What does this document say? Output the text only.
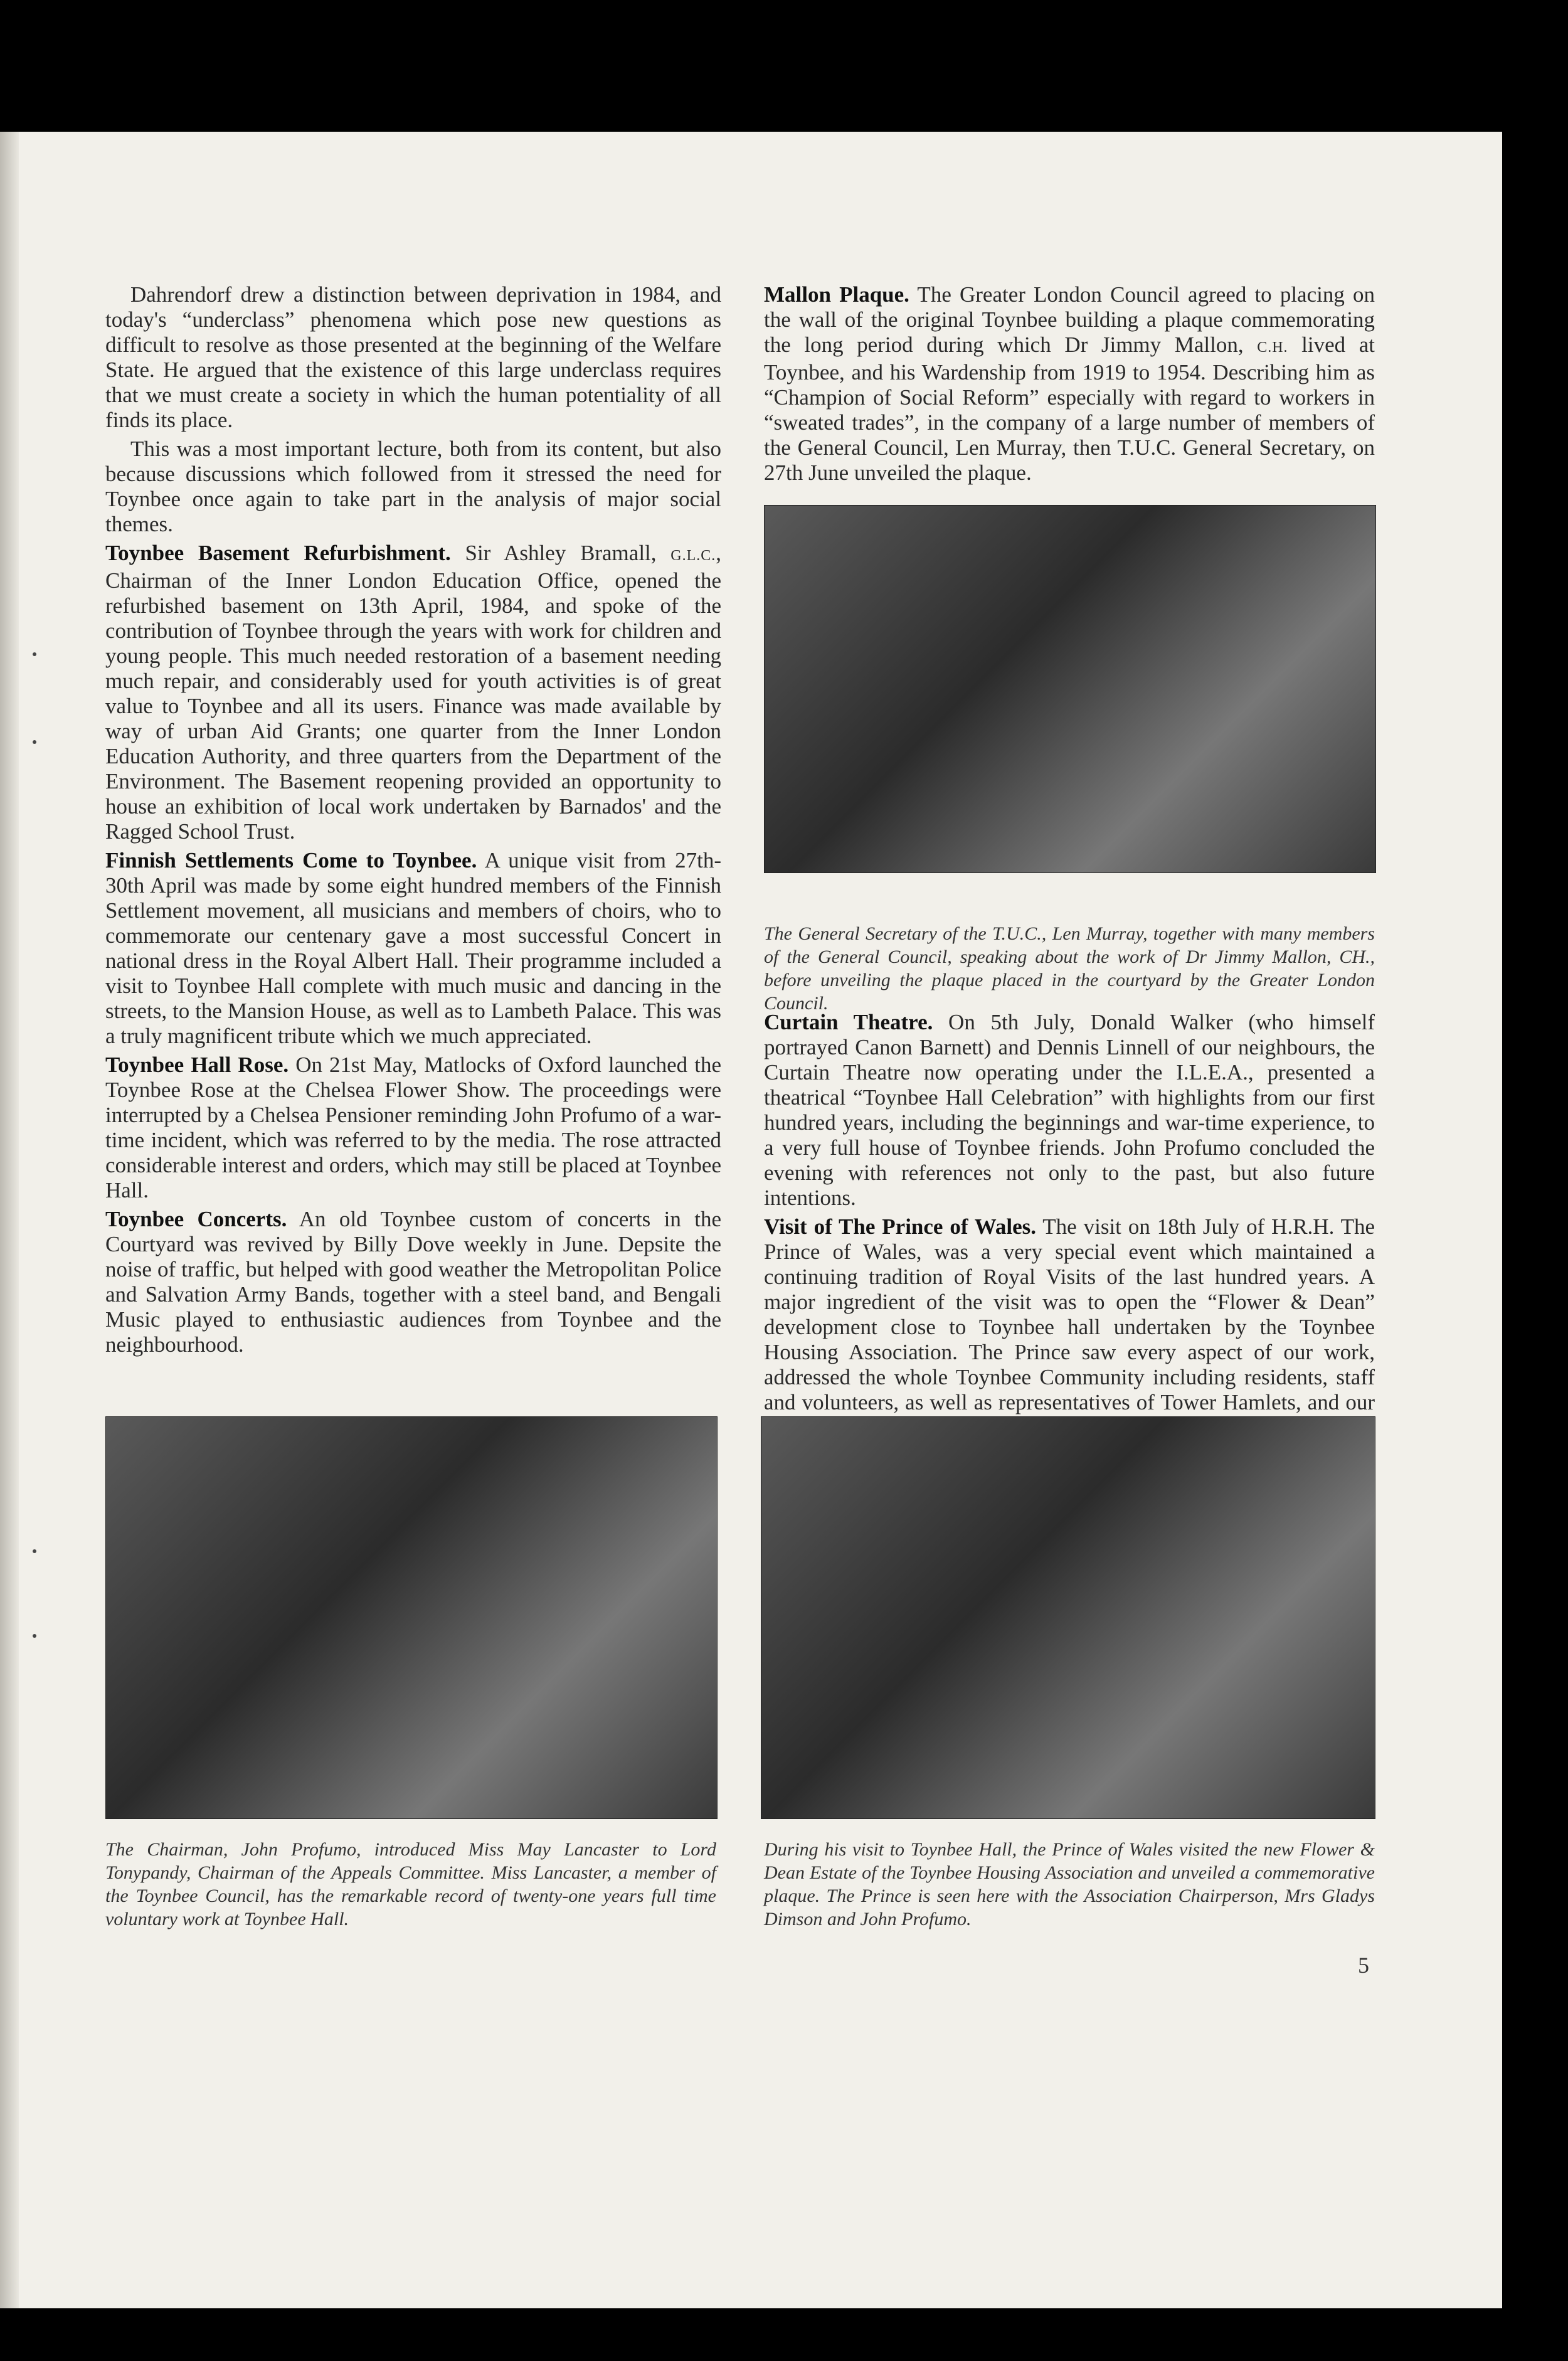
Dahrendorf drew a distinction between deprivation in 1984, and today's “underclass” phenomena which pose new questions as difficult to resolve as those presented at the beginning of the Welfare State. He argued that the existence of this large underclass requires that we must create a society in which the human potentiality of all finds its place.

This was a most important lecture, both from its content, but also because discussions which followed from it stressed the need for Toynbee once again to take part in the analysis of major social themes.

Toynbee Basement Refurbishment. Sir Ashley Bramall, G.L.C., Chairman of the Inner London Education Office, opened the refurbished basement on 13th April, 1984, and spoke of the contribution of Toynbee through the years with work for children and young people. This much needed restoration of a basement needing much repair, and considerably used for youth activities is of great value to Toynbee and all its users. Finance was made available by way of urban Aid Grants; one quarter from the Inner London Education Authority, and three quarters from the Department of the Environment. The Basement reopening provided an opportunity to house an exhibition of local work undertaken by Barnados' and the Ragged School Trust.

Finnish Settlements Come to Toynbee. A unique visit from 27th-30th April was made by some eight hundred members of the Finnish Settlement movement, all musicians and members of choirs, who to commemorate our centenary gave a most successful Concert in national dress in the Royal Albert Hall. Their programme included a visit to Toynbee Hall complete with much music and dancing in the streets, to the Mansion House, as well as to Lambeth Palace. This was a truly magnificent tribute which we much appreciated.

Toynbee Hall Rose. On 21st May, Matlocks of Oxford launched the Toynbee Rose at the Chelsea Flower Show. The proceedings were interrupted by a Chelsea Pensioner reminding John Profumo of a war-time incident, which was referred to by the media. The rose attracted considerable interest and orders, which may still be placed at Toynbee Hall.

Toynbee Concerts. An old Toynbee custom of concerts in the Courtyard was revived by Billy Dove weekly in June. Depsite the noise of traffic, but helped with good weather the Metropolitan Police and Salvation Army Bands, together with a steel band, and Bengali Music played to enthusiastic audiences from Toynbee and the neighbourhood.

Mallon Plaque. The Greater London Council agreed to placing on the wall of the original Toynbee building a plaque commemorating the long period during which Dr Jimmy Mallon, C.H. lived at Toynbee, and his Wardenship from 1919 to 1954. Describing him as “Champion of Social Reform” especially with regard to workers in “sweated trades”, in the company of a large number of members of the General Council, Len Murray, then T.U.C. General Secretary, on 27th June unveiled the plaque.

The General Secretary of the T.U.C., Len Murray, together with many members of the General Council, speaking about the work of Dr Jimmy Mallon, CH., before unveiling the plaque placed in the courtyard by the Greater London Council.

Curtain Theatre. On 5th July, Donald Walker (who himself portrayed Canon Barnett) and Dennis Linnell of our neighbours, the Curtain Theatre now operating under the I.L.E.A., presented a theatrical “Toynbee Hall Celebration” with highlights from our first hundred years, including the beginnings and war-time experience, to a very full house of Toynbee friends. John Profumo concluded the evening with references not only to the past, but also future intentions.

Visit of The Prince of Wales. The visit on 18th July of H.R.H. The Prince of Wales, was a very special event which maintained a continuing tradition of Royal Visits of the last hundred years. A major ingredient of the visit was to open the “Flower & Dean” development close to Toynbee hall undertaken by the Toynbee Housing Association. The Prince saw every aspect of our work, addressed the whole Toynbee Community including residents, staff and volunteers, as well as representatives of Tower Hamlets, and our

The Chairman, John Profumo, introduced Miss May Lancaster to Lord Tonypandy, Chairman of the Appeals Committee. Miss Lancaster, a member of the Toynbee Council, has the remarkable record of twenty-one years full time voluntary work at Toynbee Hall.
During his visit to Toynbee Hall, the Prince of Wales visited the new Flower & Dean Estate of the Toynbee Housing Association and unveiled a commemorative plaque. The Prince is seen here with the Association Chairperson, Mrs Gladys Dimson and John Profumo.
5
